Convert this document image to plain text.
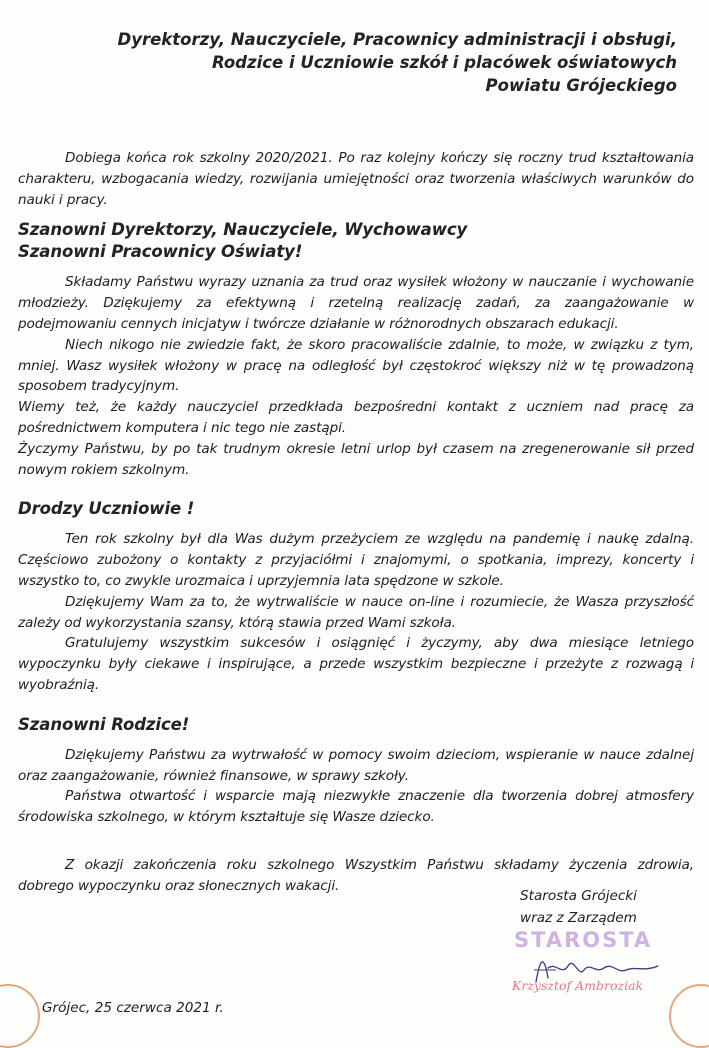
Dyrektorzy, Nauczyciele, Pracownicy administracji i obsługi,
Rodzice i Uczniowie szkół i placówek oświatowych
Powiatu Grójeckiego

Dobiega końca rok szkolny 2020/2021. Po raz kolejny kończy się roczny trud kształtowania charakteru, wzbogacania wiedzy, rozwijania umiejętności oraz tworzenia właściwych warunków do nauki i pracy.

Szanowni Dyrektorzy, Nauczyciele, Wychowawcy
Szanowni Pracownicy Oświaty!

Składamy Państwu wyrazy uznania za trud oraz wysiłek włożony w nauczanie i wychowanie młodzieży. Dziękujemy za efektywną i rzetelną realizację zadań, za zaangażowanie w podejmowaniu cennych inicjatyw i twórcze działanie w różnorodnych obszarach edukacji.

Niech nikogo nie zwiedzie fakt, że skoro pracowaliście zdalnie, to może, w związku z tym, mniej. Wasz wysiłek włożony w pracę na odległość był częstokroć większy niż w tę prowadzoną sposobem tradycyjnym.

Wiemy też, że każdy nauczyciel przedkłada bezpośredni kontakt z uczniem nad pracę za pośrednictwem komputera i nic tego nie zastąpi.

Życzymy Państwu, by po tak trudnym okresie letni urlop był czasem na zregenerowanie sił przed nowym rokiem szkolnym.

Drodzy Uczniowie !

Ten rok szkolny był dla Was dużym przeżyciem ze względu na pandemię i naukę zdalną. Częściowo zubożony o kontakty z przyjaciółmi i znajomymi, o spotkania, imprezy, koncerty i wszystko to, co zwykle urozmaica i uprzyjemnia lata spędzone w szkole.

Dziękujemy Wam za to, że wytrwaliście w nauce on-line i rozumiecie, że Wasza przyszłość zależy od wykorzystania szansy, którą stawia przed Wami szkoła.

Gratulujemy wszystkim sukcesów i osiągnięć i życzymy, aby dwa miesiące letniego wypoczynku były ciekawe i inspirujące, a przede wszystkim bezpieczne i przeżyte z rozwagą i wyobraźnią.

Szanowni Rodzice!

Dziękujemy Państwu za wytrwałość w pomocy swoim dzieciom, wspieranie w nauce zdalnej oraz zaangażowanie, również finansowe, w sprawy szkoły.

Państwa otwartość i wsparcie mają niezwykłe znaczenie dla tworzenia dobrej atmosfery środowiska szkolnego, w którym kształtuje się Wasze dziecko.

Z okazji zakończenia roku szkolnego Wszystkim Państwu składamy życzenia zdrowia, dobrego wypoczynku oraz słonecznych wakacji.

Starosta Grójecki
wraz z Zarządem
STAROSTA
Krzysztof Ambroziak
Grójec, 25 czerwca 2021 r.
